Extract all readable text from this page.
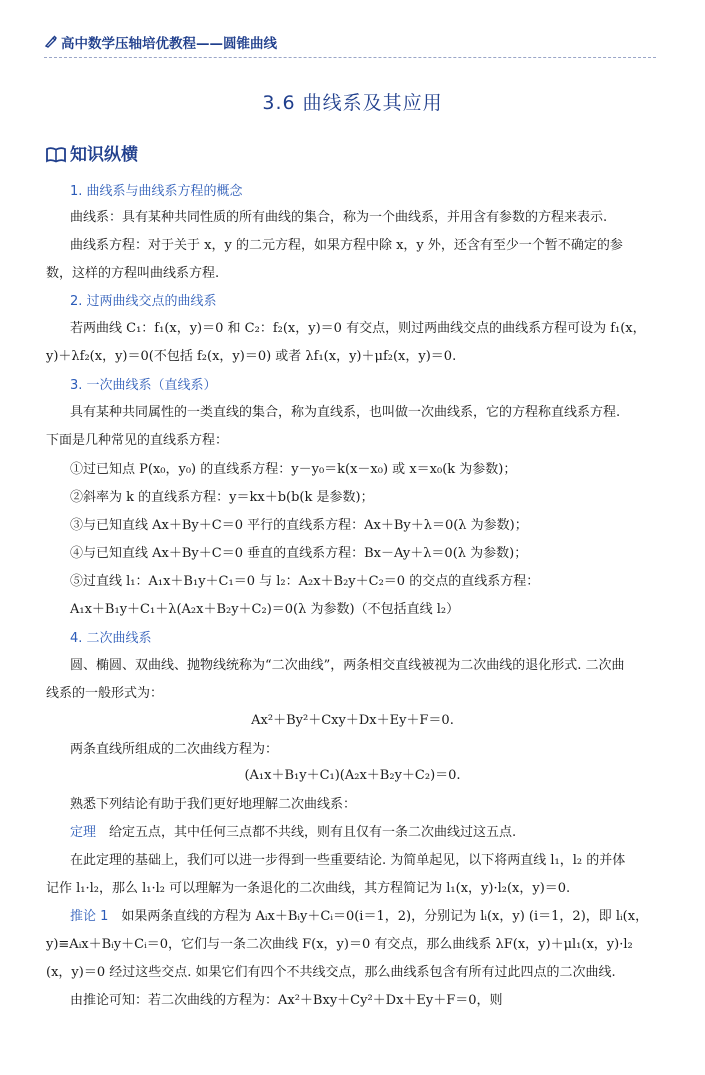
高中数学压轴培优教程——圆锥曲线
3.6 曲线系及其应用
知识纵横
1. 曲线系与曲线系方程的概念
曲线系：具有某种共同性质的所有曲线的集合，称为一个曲线系，并用含有参数的方程来表示.
曲线系方程：对于关于 x，y 的二元方程，如果方程中除 x，y 外，还含有至少一个暂不确定的参
数，这样的方程叫曲线系方程.
2. 过两曲线交点的曲线系
若两曲线 C₁：f₁(x，y)＝0 和 C₂：f₂(x，y)＝0 有交点，则过两曲线交点的曲线系方程可设为 f₁(x，
y)＋λf₂(x，y)＝0(不包括 f₂(x，y)＝0) 或者 λf₁(x，y)＋μf₂(x，y)＝0.
3. 一次曲线系（直线系）
具有某种共同属性的一类直线的集合，称为直线系，也叫做一次曲线系，它的方程称直线系方程.
下面是几种常见的直线系方程：
①过已知点 P(x₀，y₀) 的直线系方程：y－y₀＝k(x－x₀) 或 x＝x₀(k 为参数)；
②斜率为 k 的直线系方程：y＝kx＋b(b(k 是参数)；
③与已知直线 Ax＋By＋C＝0 平行的直线系方程：Ax＋By＋λ＝0(λ 为参数)；
④与已知直线 Ax＋By＋C＝0 垂直的直线系方程：Bx－Ay＋λ＝0(λ 为参数)；
⑤过直线 l₁：A₁x＋B₁y＋C₁＝0 与 l₂：A₂x＋B₂y＋C₂＝0 的交点的直线系方程：
A₁x＋B₁y＋C₁＋λ(A₂x＋B₂y＋C₂)＝0(λ 为参数)（不包括直线 l₂）
4. 二次曲线系
圆、椭圆、双曲线、抛物线统称为“二次曲线”，两条相交直线被视为二次曲线的退化形式. 二次曲
线系的一般形式为：
Ax²＋By²＋Cxy＋Dx＋Ey＋F＝0.
两条直线所组成的二次曲线方程为：
(A₁x＋B₁y＋C₁)(A₂x＋B₂y＋C₂)＝0.
熟悉下列结论有助于我们更好地理解二次曲线系：
定理　给定五点，其中任何三点都不共线，则有且仅有一条二次曲线过这五点.
在此定理的基础上，我们可以进一步得到一些重要结论. 为简单起见，以下将两直线 l₁，l₂ 的并体
记作 l₁·l₂，那么 l₁·l₂ 可以理解为一条退化的二次曲线，其方程简记为 l₁(x，y)·l₂(x，y)＝0.
推论 1　如果两条直线的方程为 Aᵢx＋Bᵢy＋Cᵢ＝0(i＝1，2)，分别记为 lᵢ(x，y) (i＝1，2)，即 lᵢ(x，
y)≡Aᵢx＋Bᵢy＋Cᵢ＝0，它们与一条二次曲线 F(x，y)＝0 有交点，那么曲线系 λF(x，y)＋μl₁(x，y)·l₂
(x，y)＝0 经过这些交点. 如果它们有四个不共线交点，那么曲线系包含有所有过此四点的二次曲线.
由推论可知：若二次曲线的方程为：Ax²＋Bxy＋Cy²＋Dx＋Ey＋F＝0，则
